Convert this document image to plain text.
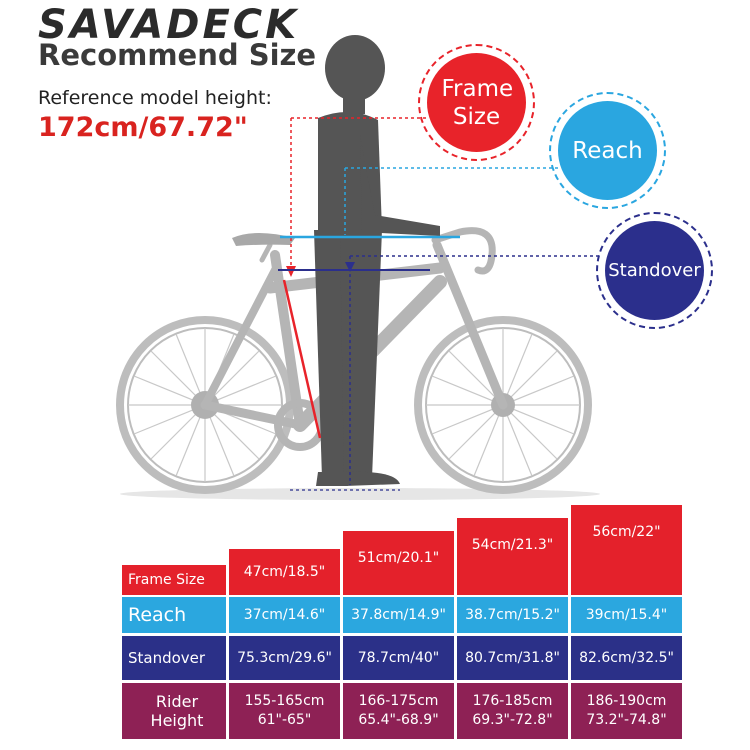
SAVADECK
Recommend Size
Reference model height:
172cm/67.72"
Frame Size
Reach
Standover
Frame Size
Reach
Standover
Rider Height
47cm/18.5"
37cm/14.6"
75.3cm/29.6"
155-165cm
61"-65"
51cm/20.1"
37.8cm/14.9"
78.7cm/40"
166-175cm
65.4"-68.9"
54cm/21.3"
38.7cm/15.2"
80.7cm/31.8"
176-185cm
69.3"-72.8"
56cm/22"
39cm/15.4"
82.6cm/32.5"
186-190cm
73.2"-74.8"
